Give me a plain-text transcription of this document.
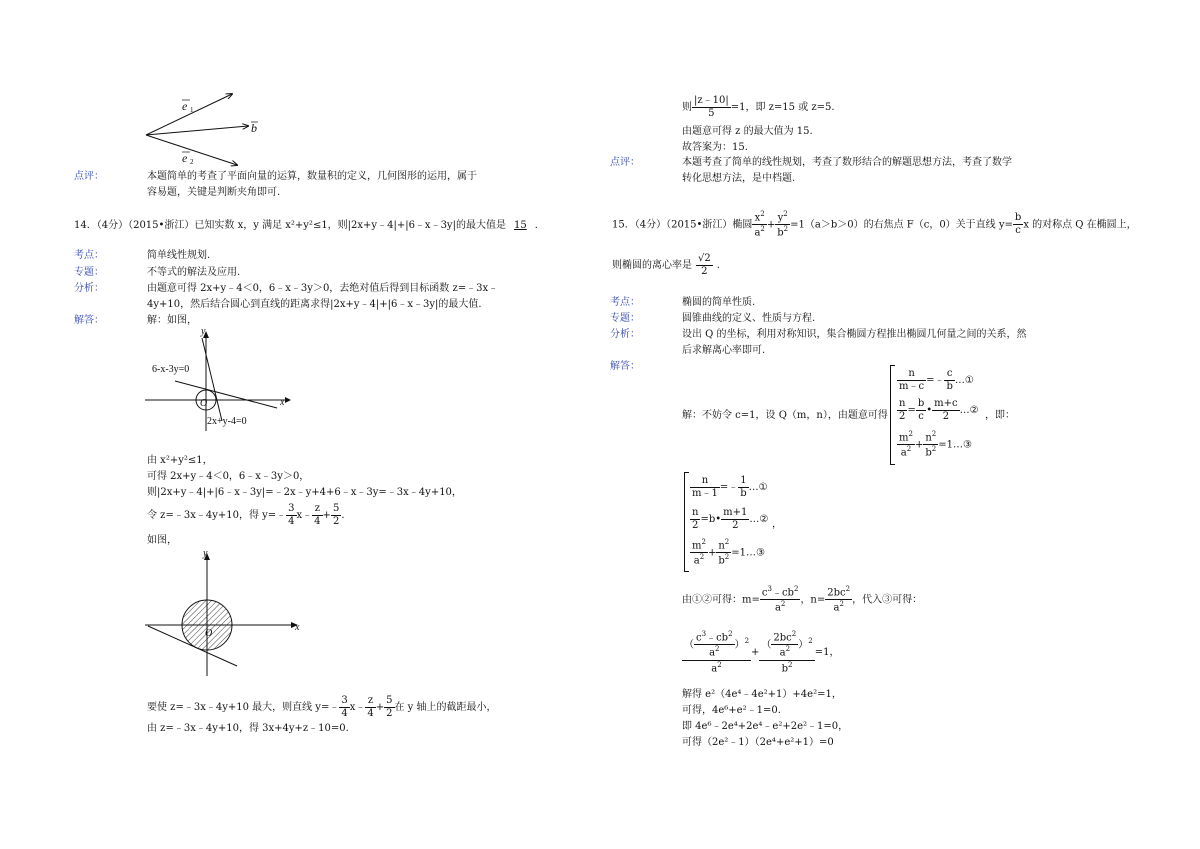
e 1
b
e 2
点评：	本题简单的考查了平面向量的运算，数量积的定义，几何图形的运用，属于
容易题，关键是判断夹角即可.
14．（4分）（2015•浙江）已知实数 x，y 满足 x²+y²≤1，则|2x+y﹣4|+|6﹣x﹣3y|的最大值是 15 ．
考点：	简单线性规划.
专题：	不等式的解法及应用.
分析：	由题意可得 2x+y﹣4＜0，6﹣x﹣3y＞0，去绝对值后得到目标函数 z=﹣3x﹣
4y+10，然后结合圆心到直线的距离求得|2x+y﹣4|+|6﹣x﹣3y|的最大值.
解答：	解：如图，
y
x
O
6-x-3y=0
2x+y-4=0
由 x²+y²≤1，
可得 2x+y﹣4＜0，6﹣x﹣3y＞0，
则|2x+y﹣4|+|6﹣x﹣3y|=﹣2x﹣y+4+6﹣x﹣3y=﹣3x﹣4y+10，
令 z=﹣3x﹣4y+10，得 y=﹣ $\frac{3}{4}$ x﹣ $\frac{z}{4} + \frac{5}{2}$ .
如图，
y
x
O
要使 z=﹣3x﹣4y+10 最大，则直线 y=﹣ $\frac{3}{4}$ x﹣ $\frac{z}{4} + \frac{5}{2}$ 在 y 轴上的截距最小，
由 z=﹣3x﹣4y+10，得 3x+4y+z﹣10=0.
则 $\frac{|z﹣10|}{5} =1$，即 z=15 或 z=5.
由题意可得 z 的最大值为 15.
故答案为：15.
点评：	本题考查了简单的线性规划，考查了数形结合的解题思想方法，考查了数学
转化思想方法，是中档题.
15．（4分）（2015•浙江）椭圆 $\frac{x^2}{a^2} + \frac{y^2}{b^2} =1(a>b>0)$的右焦点 F（c，0）关于直线 $y= \frac{b}{c}$ x 的对称点 Q 在椭圆上，
则椭圆的离心率是 $\frac{√2}{2}$ .
考点：	椭圆的简单性质.
专题：	圆锥曲线的定义、性质与方程.
分析：	设出 Q 的坐标，利用对称知识，集合椭圆方程推出椭圆几何量之间的关系，然
后求解离心率即可.
解答：
解：不妨令 c=1，设 Q（m，n），由题意可得
$\frac{n}{m﹣c}$ =﹣ $\frac{c}{b}$ …①
$\frac{n}{2} = \frac{b}{c}$ • $\frac{m+c}{2}$ …② ，即：
$\frac{m^2}{a^2} + \frac{n^2}{b^2}$ =1…③
$\frac{n}{m﹣1}$ =﹣ $\frac{1}{b}$ …①
$\frac{n}{2}$ =b• $\frac{m+1}{2}$ …② ，
$\frac{m^2}{a^2} + \frac{n^2}{b^2}$ =1…③
由①②可得：$m= \frac{c^3﹣cb^2}{a^2}$ ，$n= \frac{2bc^2}{a^2}$ ，代入③可得：
$\frac{( \frac{c^3﹣cb^2}{a^2} )^2}{a^2} + \frac{( \frac{2bc^2}{a^2} )^2}{b^2} =1$，
解得 e²（4e⁴﹣4e²+1）+4e²=1，
可得，4e⁶+e²﹣1=0.
即 4e⁶﹣2e⁴+2e⁴﹣e²+2e²﹣1=0，
可得（2e²﹣1）（2e⁴+e²+1）=0
